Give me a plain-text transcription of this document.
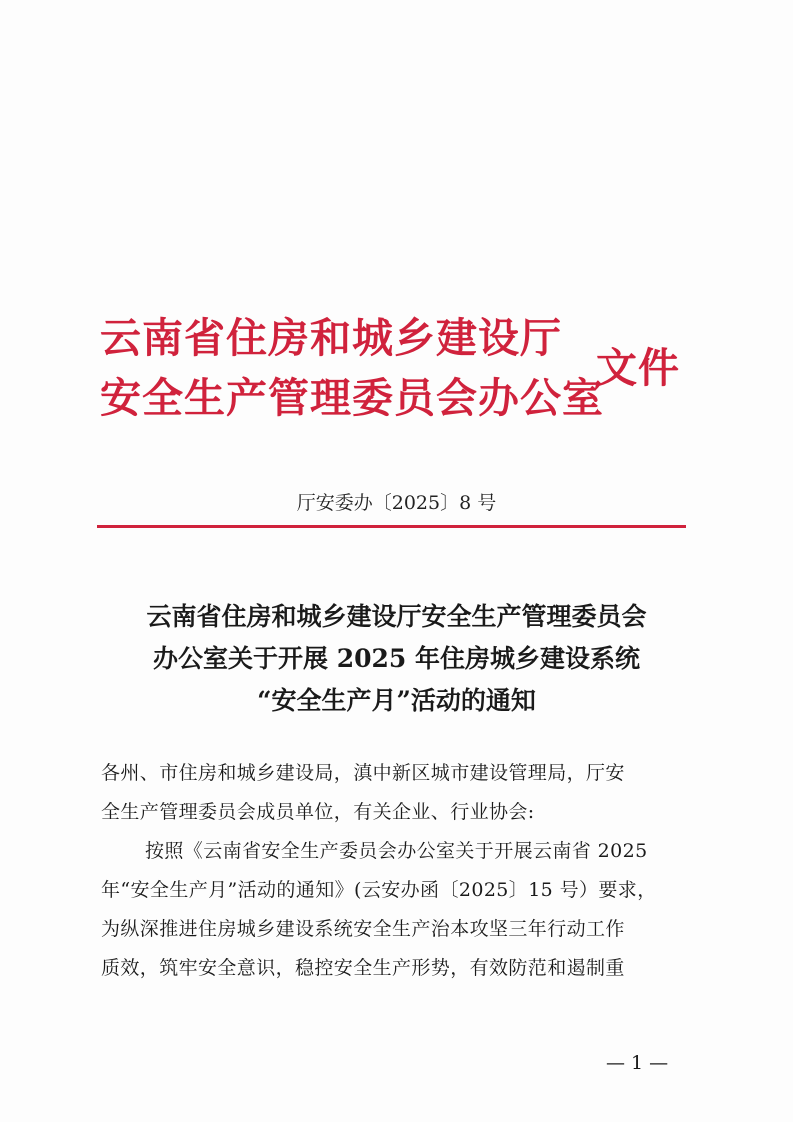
云南省住房和城乡建设厅
安全生产管理委员会办公室
文件
厅安委办〔2025〕8 号
云南省住房和城乡建设厅安全生产管理委员会
办公室关于开展 2025 年住房城乡建设系统
“安全生产月”活动的通知
各州、市住房和城乡建设局，滇中新区城市建设管理局，厅安
全生产管理委员会成员单位，有关企业、行业协会:
按照《云南省安全生产委员会办公室关于开展云南省 2025
年“安全生产月”活动的通知》(云安办函〔2025〕15 号）要求，
为纵深推进住房城乡建设系统安全生产治本攻坚三年行动工作
质效，筑牢安全意识，稳控安全生产形势，有效防范和遏制重
— 1 —
